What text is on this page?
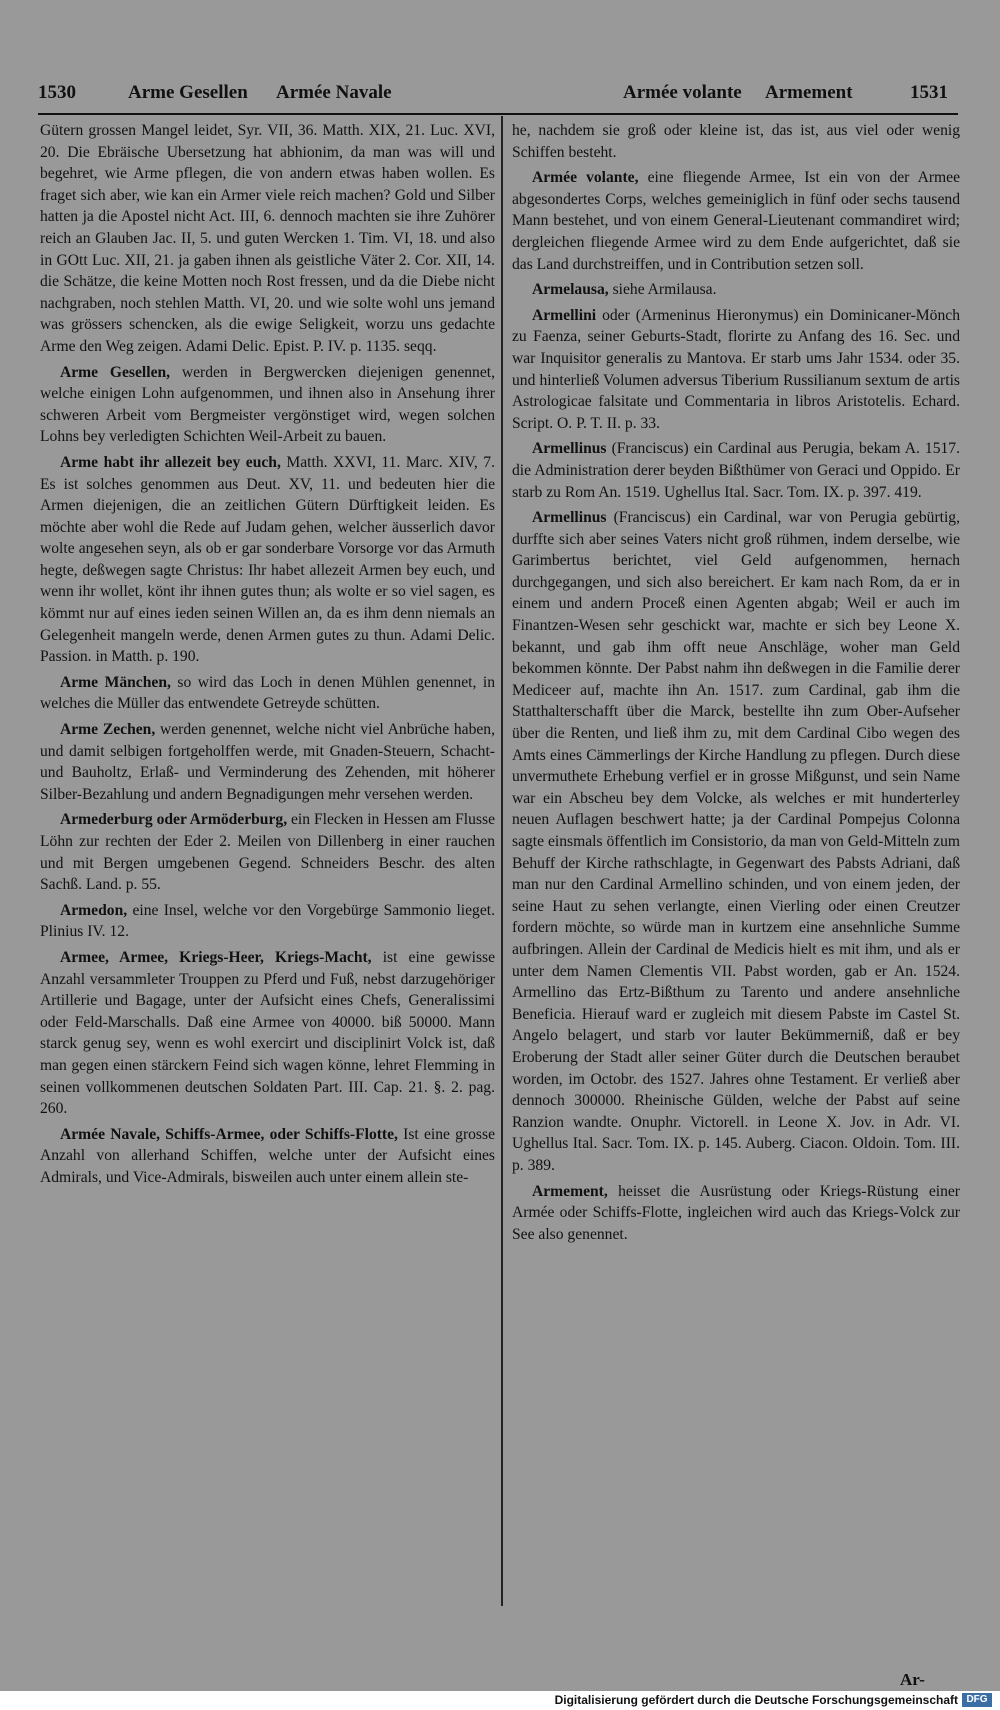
1530	Arme Gesellen Armée Navale	Armée volante Armement	1531

Gütern grossen Mangel leidet, Syr. VII, 36. Matth. XIX, 21. Luc. XVI, 20. Die Ebräische Ubersetzung hat abhionim, da man was will und begehret, wie Arme pflegen, die von andern etwas haben wollen. Es fraget sich aber, wie kan ein Armer viele reich machen? Gold und Silber hatten ja die Apostel nicht Act. III, 6. dennoch machten sie ihre Zuhörer reich an Glauben Jac. II, 5. und guten Wercken 1. Tim. VI, 18. und also in GOtt Luc. XII, 21. ja gaben ihnen als geistliche Väter 2. Cor. XII, 14. die Schätze, die keine Motten noch Rost fressen, und da die Diebe nicht nachgraben, noch stehlen Matth. VI, 20. und wie solte wohl uns jemand was grössers schencken, als die ewige Seligkeit, worzu uns gedachte Arme den Weg zeigen. Adami Delic. Epist. P. IV. p. 1135. seqq.

Arme Gesellen, werden in Bergwercken diejenigen genennet, welche einigen Lohn aufgenommen, und ihnen also in Ansehung ihrer schweren Arbeit vom Bergmeister vergönstiget wird, wegen solchen Lohns bey verledigten Schichten Weil-Arbeit zu bauen.

Arme habt ihr allezeit bey euch, Matth. XXVI, 11. Marc. XIV, 7. Es ist solches genommen aus Deut. XV, 11. und bedeuten hier die Armen diejenigen, die an zeitlichen Gütern Dürftigkeit leiden. Es möchte aber wohl die Rede auf Judam gehen, welcher äusserlich davor wolte angesehen seyn, als ob er gar sonderbare Vorsorge vor das Armuth hegte, deßwegen sagte Christus: Ihr habet allezeit Armen bey euch, und wenn ihr wollet, könt ihr ihnen gutes thun; als wolte er so viel sagen, es kömmt nur auf eines ieden seinen Willen an, da es ihm denn niemals an Gelegenheit mangeln werde, denen Armen gutes zu thun. Adami Delic. Passion. in Matth. p. 190.

Arme Mänchen, so wird das Loch in denen Mühlen genennet, in welches die Müller das entwendete Getreyde schütten.

Arme Zechen, werden genennet, welche nicht viel Anbrüche haben, und damit selbigen fortgeholffen werde, mit Gnaden-Steuern, Schacht- und Bauholtz, Erlaß- und Verminderung des Zehenden, mit höherer Silber-Bezahlung und andern Begnadigungen mehr versehen werden.

Armederburg oder Armöderburg, ein Flecken in Hessen am Flusse Löhn zur rechten der Eder 2. Meilen von Dillenberg in einer rauchen und mit Bergen umgebenen Gegend. Schneiders Beschr. des alten Sachß. Land. p. 55.

Armedon, eine Insel, welche vor den Vorgebürge Sammonio lieget. Plinius IV. 12.

Armee, Armee, Kriegs-Heer, Kriegs-Macht, ist eine gewisse Anzahl versammleter Trouppen zu Pferd und Fuß, nebst darzugehöriger Artillerie und Bagage, unter der Aufsicht eines Chefs, Generalissimi oder Feld-Marschalls. Daß eine Armee von 40000. biß 50000. Mann starck genug sey, wenn es wohl exercirt und disciplinirt Volck ist, daß man gegen einen stärckern Feind sich wagen könne, lehret Flemming in seinen vollkommenen deutschen Soldaten Part. III. Cap. 21. §. 2. pag. 260.

Armée Navale, Schiffs-Armee, oder Schiffs-Flotte, Ist eine grosse Anzahl von allerhand Schiffen, welche unter der Aufsicht eines Admirals, und Vice-Admirals, bisweilen auch unter einem allein ste-

he, nachdem sie groß oder kleine ist, das ist, aus viel oder wenig Schiffen besteht.

Armée volante, eine fliegende Armee, Ist ein von der Armee abgesondertes Corps, welches gemeiniglich in fünf oder sechs tausend Mann bestehet, und von einem General-Lieutenant commandiret wird; dergleichen fliegende Armee wird zu dem Ende aufgerichtet, daß sie das Land durchstreiffen, und in Contribution setzen soll.

Armelausa, siehe Armilausa.

Armellini oder (Armeninus Hieronymus) ein Dominicaner-Mönch zu Faenza, seiner Geburts-Stadt, florirte zu Anfang des 16. Sec. und war Inquisitor generalis zu Mantova. Er starb ums Jahr 1534. oder 35. und hinterließ Volumen adversus Tiberium Russilianum sextum de artis Astrologicae falsitate und Commentaria in libros Aristotelis. Echard. Script. O. P. T. II. p. 33.

Armellinus (Franciscus) ein Cardinal aus Perugia, bekam A. 1517. die Administration derer beyden Bißthümer von Geraci und Oppido. Er starb zu Rom An. 1519. Ughellus Ital. Sacr. Tom. IX. p. 397. 419.

Armellinus (Franciscus) ein Cardinal, war von Perugia gebürtig, durffte sich aber seines Vaters nicht groß rühmen, indem derselbe, wie Garimbertus berichtet, viel Geld aufgenommen, hernach durchgegangen, und sich also bereichert. Er kam nach Rom, da er in einem und andern Proceß einen Agenten abgab; Weil er auch im Finantzen-Wesen sehr geschickt war, machte er sich bey Leone X. bekannt, und gab ihm offt neue Anschläge, woher man Geld bekommen könnte. Der Pabst nahm ihn deßwegen in die Familie derer Mediceer auf, machte ihn An. 1517. zum Cardinal, gab ihm die Statthalterschafft über die Marck, bestellte ihn zum Ober-Aufseher über die Renten, und ließ ihm zu, mit dem Cardinal Cibo wegen des Amts eines Cämmerlings der Kirche Handlung zu pflegen. Durch diese unvermuthete Erhebung verfiel er in grosse Mißgunst, und sein Name war ein Abscheu bey dem Volcke, als welches er mit hunderterley neuen Auflagen beschwert hatte; ja der Cardinal Pompejus Colonna sagte einsmals öffentlich im Consistorio, da man von Geld-Mitteln zum Behuff der Kirche rathschlagte, in Gegenwart des Pabsts Adriani, daß man nur den Cardinal Armellino schinden, und von einem jeden, der seine Haut zu sehen verlangte, einen Vierling oder einen Creutzer fordern möchte, so würde man in kurtzem eine ansehnliche Summe aufbringen. Allein der Cardinal de Medicis hielt es mit ihm, und als er unter dem Namen Clementis VII. Pabst worden, gab er An. 1524. Armellino das Ertz-Bißthum zu Tarento und andere ansehnliche Beneficia. Hierauf ward er zugleich mit diesem Pabste im Castel St. Angelo belagert, und starb vor lauter Bekümmerniß, daß er bey Eroberung der Stadt aller seiner Güter durch die Deutschen beraubet worden, im Octobr. des 1527. Jahres ohne Testament. Er verließ aber dennoch 300000. Rheinische Gülden, welche der Pabst auf seine Ranzion wandte. Onuphr. Victorell. in Leone X. Jov. in Adr. VI. Ughellus Ital. Sacr. Tom. IX. p. 145. Auberg. Ciacon. Oldoin. Tom. III. p. 389.

Armement, heisset die Ausrüstung oder Kriegs-Rüstung einer Armée oder Schiffs-Flotte, ingleichen wird auch das Kriegs-Volck zur See also genennet.

Ar-
Digitalisierung gefördert durch die Deutsche Forschungsgemeinschaft DFG
